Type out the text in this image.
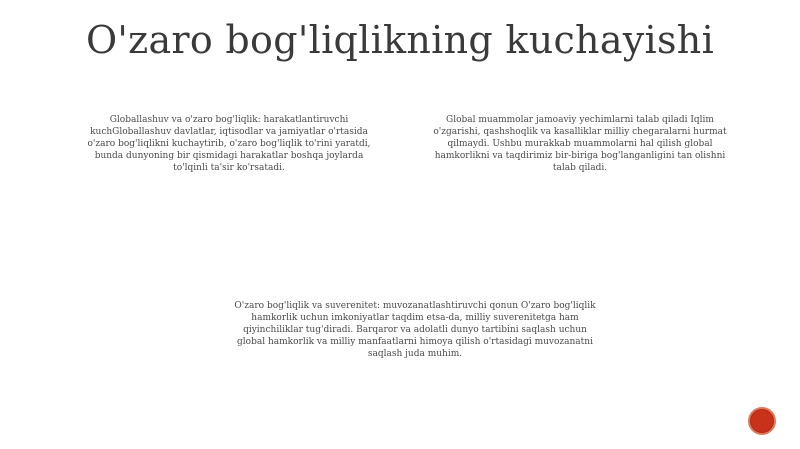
O'zaro bog'liqlikning kuchayishi

Globallashuv va o'zaro bog'liqlik: harakatlantiruvchi kuchGloballashuv davlatlar, iqtisodlar va jamiyatlar o'rtasida o'zaro bog'liqlikni kuchaytirib, o'zaro bog'liqlik to'rini yaratdi, bunda dunyoning bir qismidagi harakatlar boshqa joylarda to'lqinli ta'sir ko'rsatadi.

Global muammolar jamoaviy yechimlarni talab qiladi Iqlim o'zgarishi, qashshoqlik va kasalliklar milliy chegaralarni hurmat qilmaydi. Ushbu murakkab muammolarni hal qilish global hamkorlikni va taqdirimiz bir-biriga bog'langanligini tan olishni talab qiladi.

O'zaro bog'liqlik va suverenitet: muvozanatlashtiruvchi qonun O'zaro bog'liqlik hamkorlik uchun imkoniyatlar taqdim etsa-da, milliy suverenitetga ham qiyinchiliklar tug'diradi. Barqaror va adolatli dunyo tartibini saqlash uchun global hamkorlik va milliy manfaatlarni himoya qilish o'rtasidagi muvozanatni saqlash juda muhim.
